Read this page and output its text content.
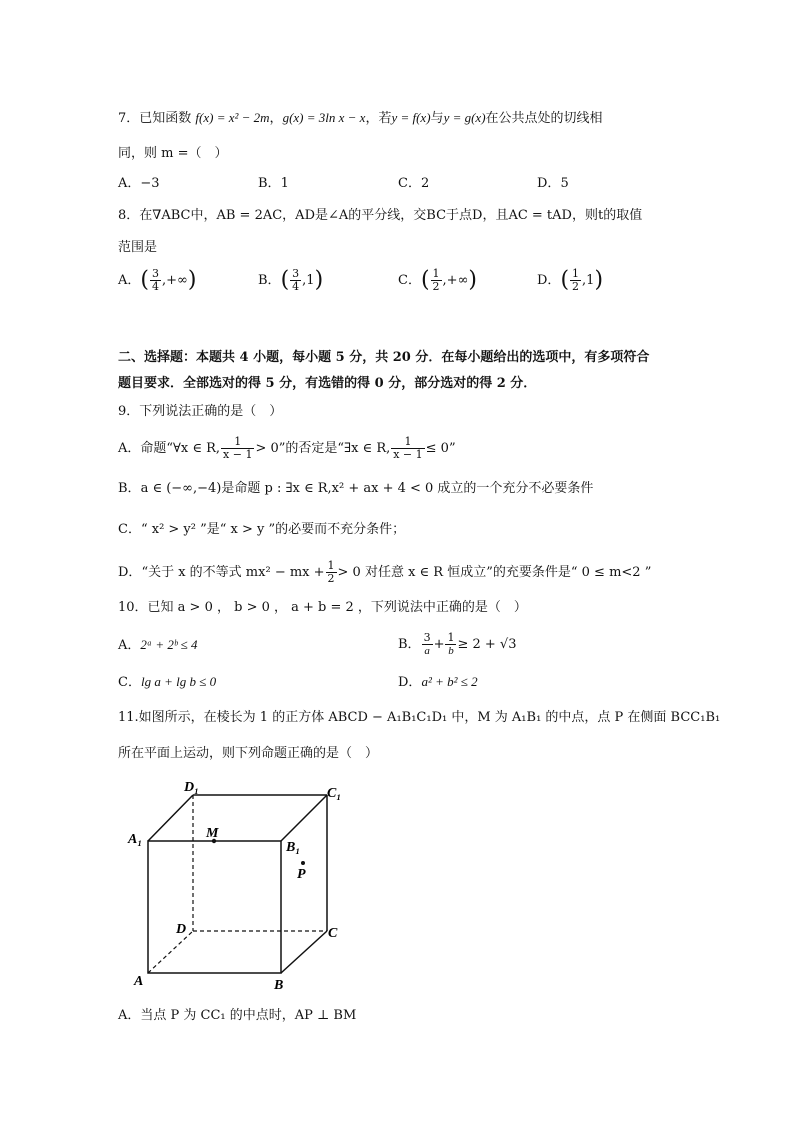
7．已知函数 f(x) = x² − 2m，g(x) = 3ln x − x，若y = f(x)与y = g(x)在公共点处的切线相
同，则 m =（　）
A．−3	B．1	C．2	D．5
8．在∇ABC中，AB = 2AC，AD是∠A的平分线，交BC于点D，且AC = tAD，则t的取值
范围是
A．( $\frac{3}{4}$ ,+∞)	B．( $\frac{3}{4} ,1$)	C．( $\frac{1}{2}$ ,+∞)	D．( $\frac{1}{2} ,1$)
二、选择题：本题共 4 小题，每小题 5 分，共 20 分．在每小题给出的选项中，有多项符合
题目要求．全部选对的得 5 分，有选错的得 0 分，部分选对的得 2 分．
9．下列说法正确的是（　）
A．命题“∀x ∈ R, $\frac{1}{x - 1} > 0$”的否定是“∃x ∈ R, $\frac{1}{x - 1} \le 0$”
B．a ∈ (−∞,−4)是命题 p : ∃x ∈ R,x² + ax + 4 < 0 成立的一个充分不必要条件
C．“ x² > y² ”是“ x > y ”的必要而不充分条件；
D．“关于 x 的不等式 mx² − mx + $\frac{1}{2} > 0$ 对任意 x ∈ R 恒成立”的充要条件是“ 0 ≤ m<2 ”
10．已知 a > 0 ， b > 0 ， a + b = 2 ，下列说法中正确的是（　）
A．2ᵃ + 2ᵇ ≤ 4	B． $\frac{3}{a} + \frac{1}{b} \ge 2 + √3$
C．lg a + lg b ≤ 0	D．a² + b² ≤ 2
11.如图所示，在棱长为 1 的正方体 ABCD − A₁B₁C₁D₁ 中，M 为 A₁B₁ 的中点，点 P 在侧面 BCC₁B₁
所在平面上运动，则下列命题正确的是（　）
D₁	C₁
A₁	M
B₁
P
D	C
A	B
A．当点 P 为 CC₁ 的中点时，AP ⊥ BM
